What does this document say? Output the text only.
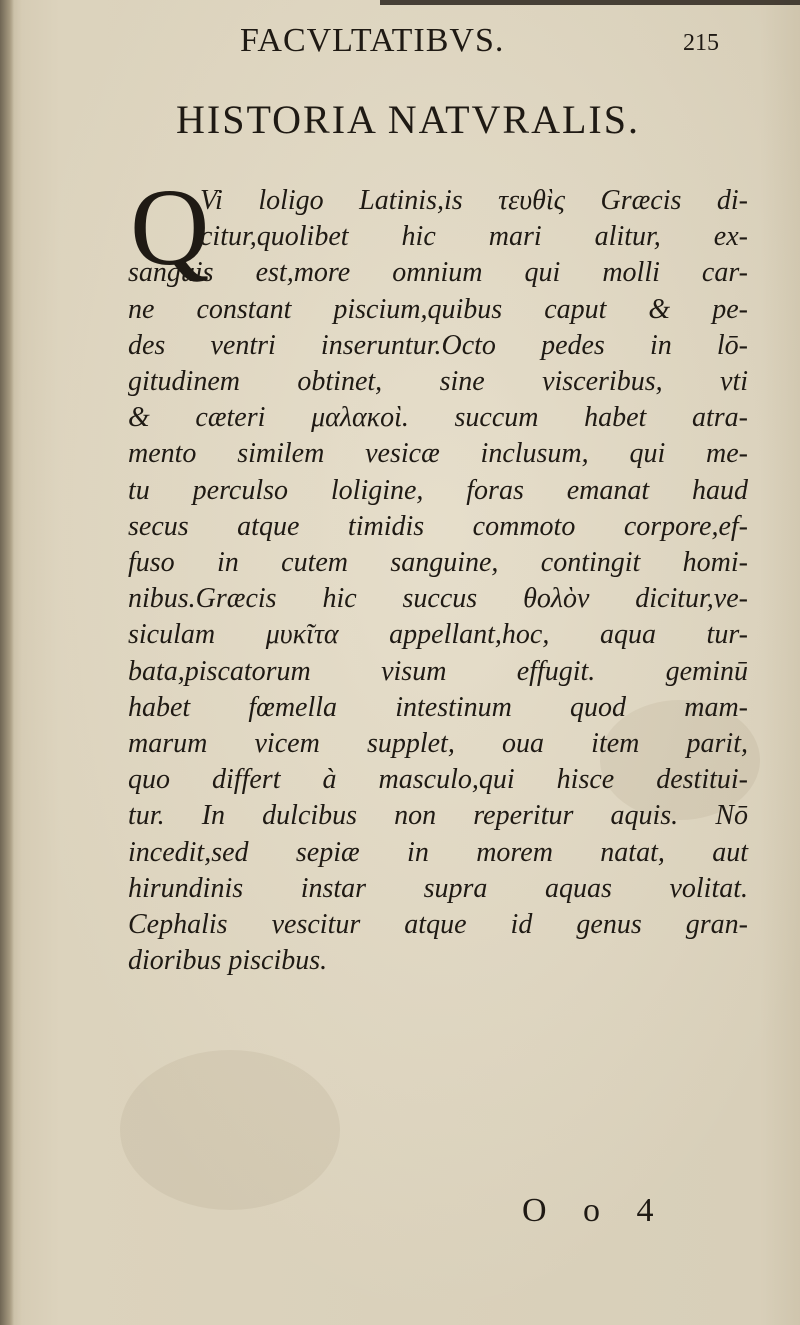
FACVLTATIBVS.	215
HISTORIA NATVRALIS.
Q
Vi loligo Latinis,is τευθὶς Græcis di-
citur,quolibet hic mari alitur, ex-
sanguis est,more omnium qui molli car-
ne constant piscium,quibus caput & pe-
des ventri inseruntur.Octo pedes in lō-
gitudinem obtinet, sine visceribus, vti
& cæteri μαλακοὶ. succum habet atra-
mento similem vesicæ inclusum, qui me-
tu perculso loligine, foras emanat haud
secus atque timidis commoto corpore,ef-
fuso in cutem sanguine, contingit homi-
nibus.Græcis hic succus θολὸν dicitur,ve-
siculam μυκῖτα appellant,hoc, aqua tur-
bata,piscatorum visum effugit. geminū
habet fœmella intestinum quod mam-
marum vicem supplet, oua item parit,
quo differt à masculo,qui hisce destitui-
tur. In dulcibus non reperitur aquis. Nō
incedit,sed sepiæ in morem natat, aut
hirundinis instar supra aquas volitat.
Cephalis vescitur atque id genus gran-
dioribus piscibus.
O o 4
